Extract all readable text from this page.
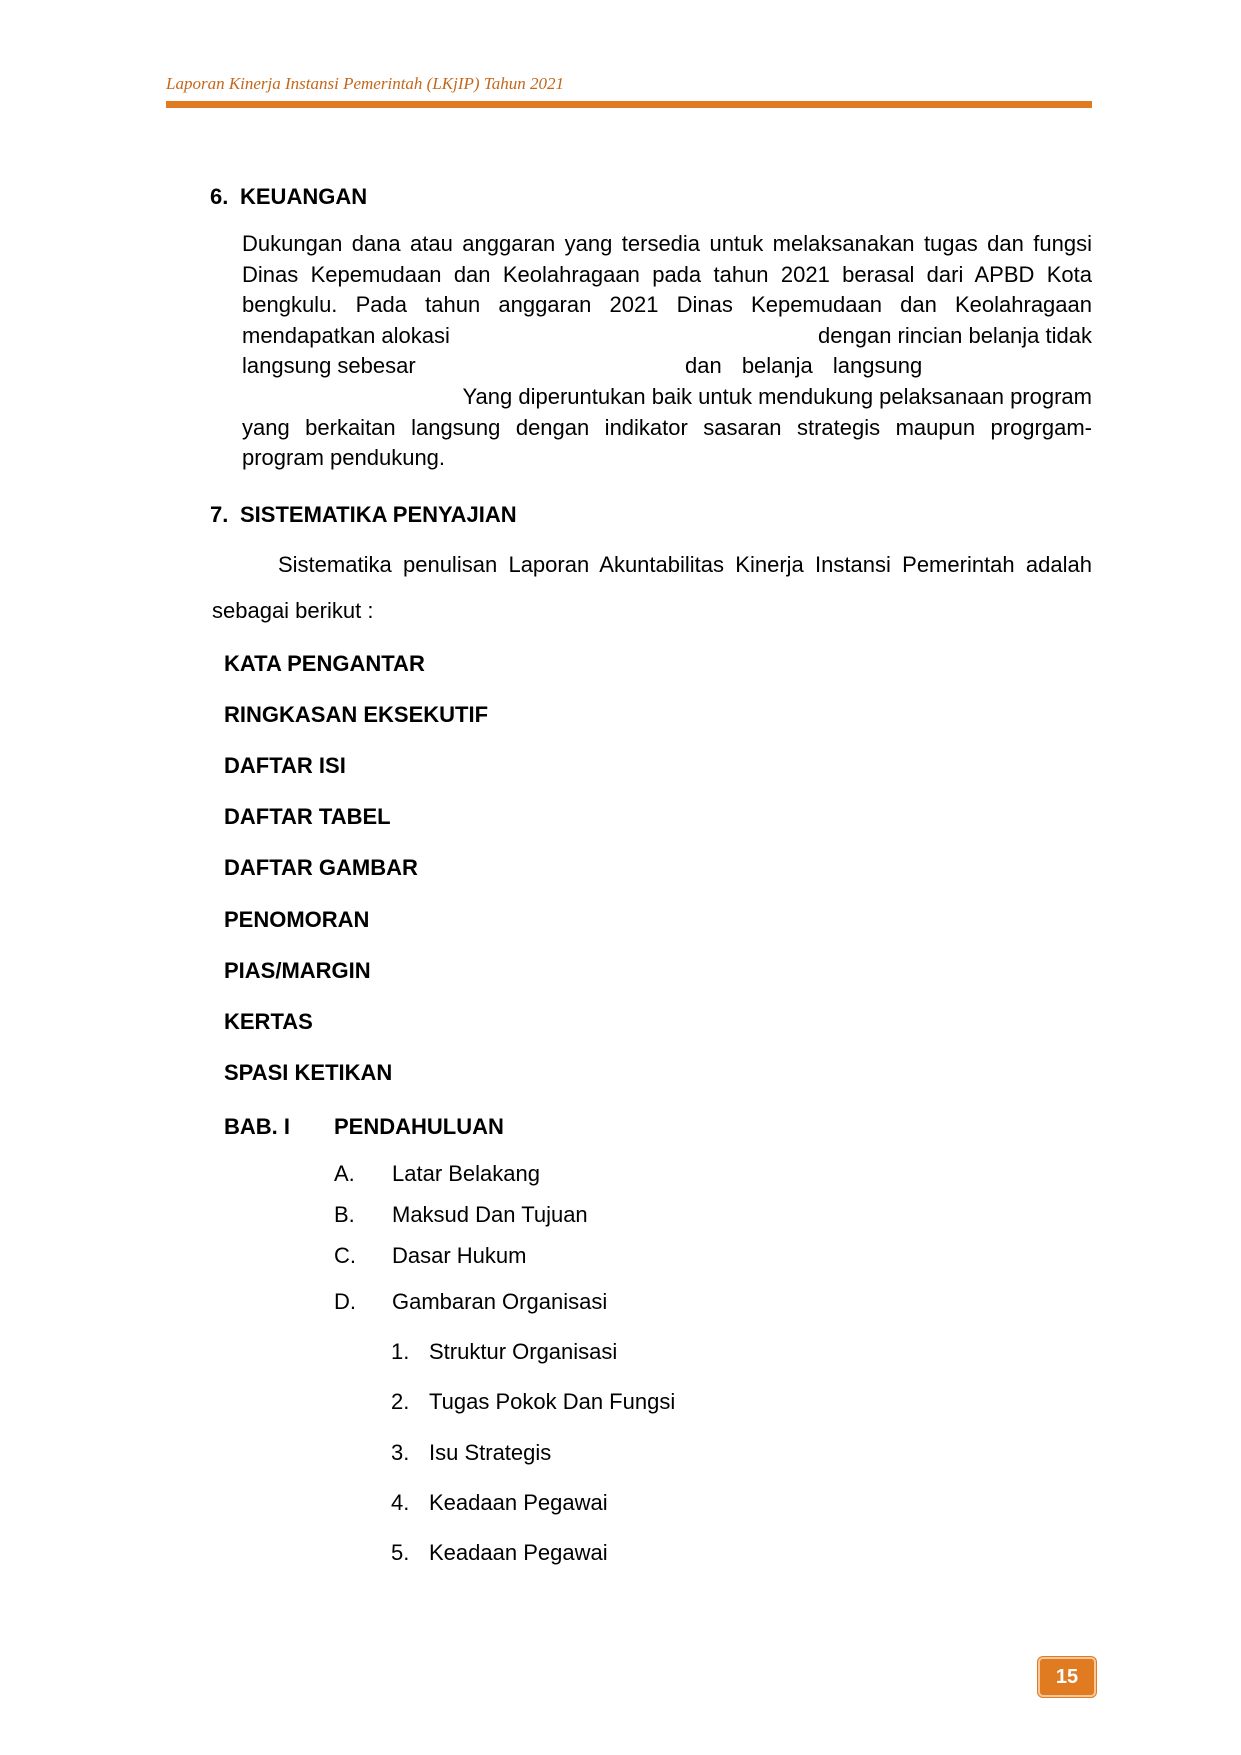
Laporan Kinerja Instansi Pemerintah (LKjIP) Tahun 2021
6. KEUANGAN
Dukungan dana atau anggaran yang tersedia untuk melaksanakan tugas dan fungsi
Dinas Kepemudaan dan Keolahragaan pada tahun 2021 berasal dari APBD Kota
bengkulu. Pada tahun anggaran 2021 Dinas Kepemudaan dan Keolahragaan
mendapatkan alokasi	dengan rincian belanja tidak
langsung sebesar	dan belanja langsung
Yang diperuntukan baik untuk mendukung pelaksanaan program
yang berkaitan langsung dengan indikator sasaran strategis maupun progrgam-
program pendukung.
7. SISTEMATIKA PENYAJIAN
Sistematika penulisan Laporan Akuntabilitas Kinerja Instansi Pemerintah adalah
sebagai berikut :
KATA PENGANTAR
RINGKASAN EKSEKUTIF
DAFTAR ISI
DAFTAR TABEL
DAFTAR GAMBAR
PENOMORAN
PIAS/MARGIN
KERTAS
SPASI KETIKAN
BAB. I PENDAHULUAN
A. Latar Belakang
B. Maksud Dan Tujuan
C. Dasar Hukum
D. Gambaran Organisasi
1. Struktur Organisasi
2. Tugas Pokok Dan Fungsi
3. Isu Strategis
4. Keadaan Pegawai
5. Keadaan Pegawai
15
